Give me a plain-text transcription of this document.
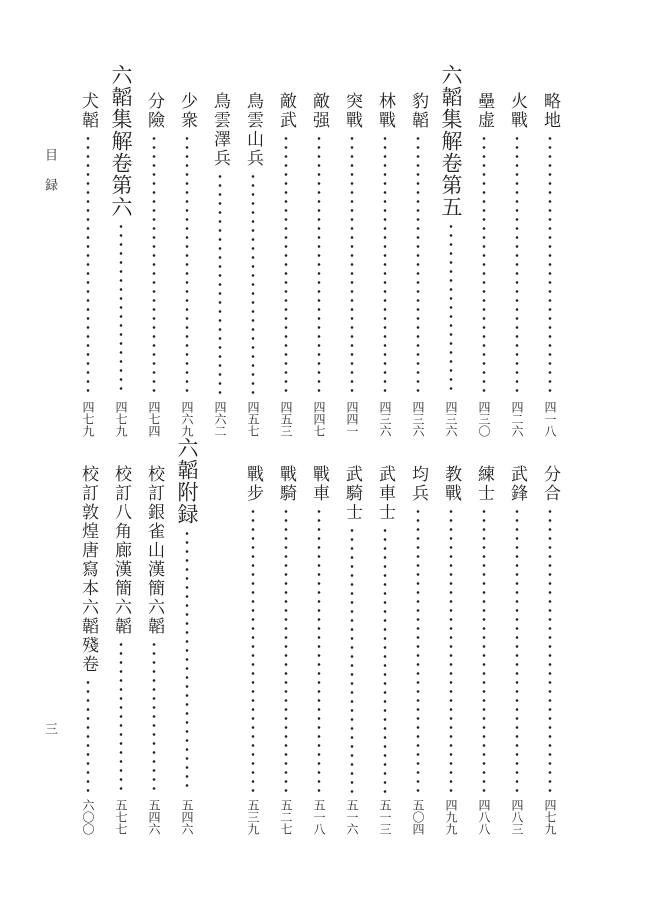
目
録
三
略地
四一八
火戰
四二六
壘虚
四三〇
六韜集解卷第五
四三六
豹韜
四三六
林戰
四三六
突戰
四四一
敵强
四四七
敵武
四五三
鳥雲山兵
四五七
鳥雲澤兵
四六二
少衆
四六九
分險
四七四
六韜集解卷第六
四七九
犬韜
四七九
分合
四七九
武鋒
四八三
練士
四八八
教戰
四九九
均兵
五〇四
武車士
五一三
武騎士
五一六
戰車
五一八
戰騎
五二七
戰步
五三九
六韜附録
五四六
校訂銀雀山漢簡六韜
五四六
校訂八角廊漢簡六韜
五七七
校訂敦煌唐寫本六韜殘卷
六〇〇
